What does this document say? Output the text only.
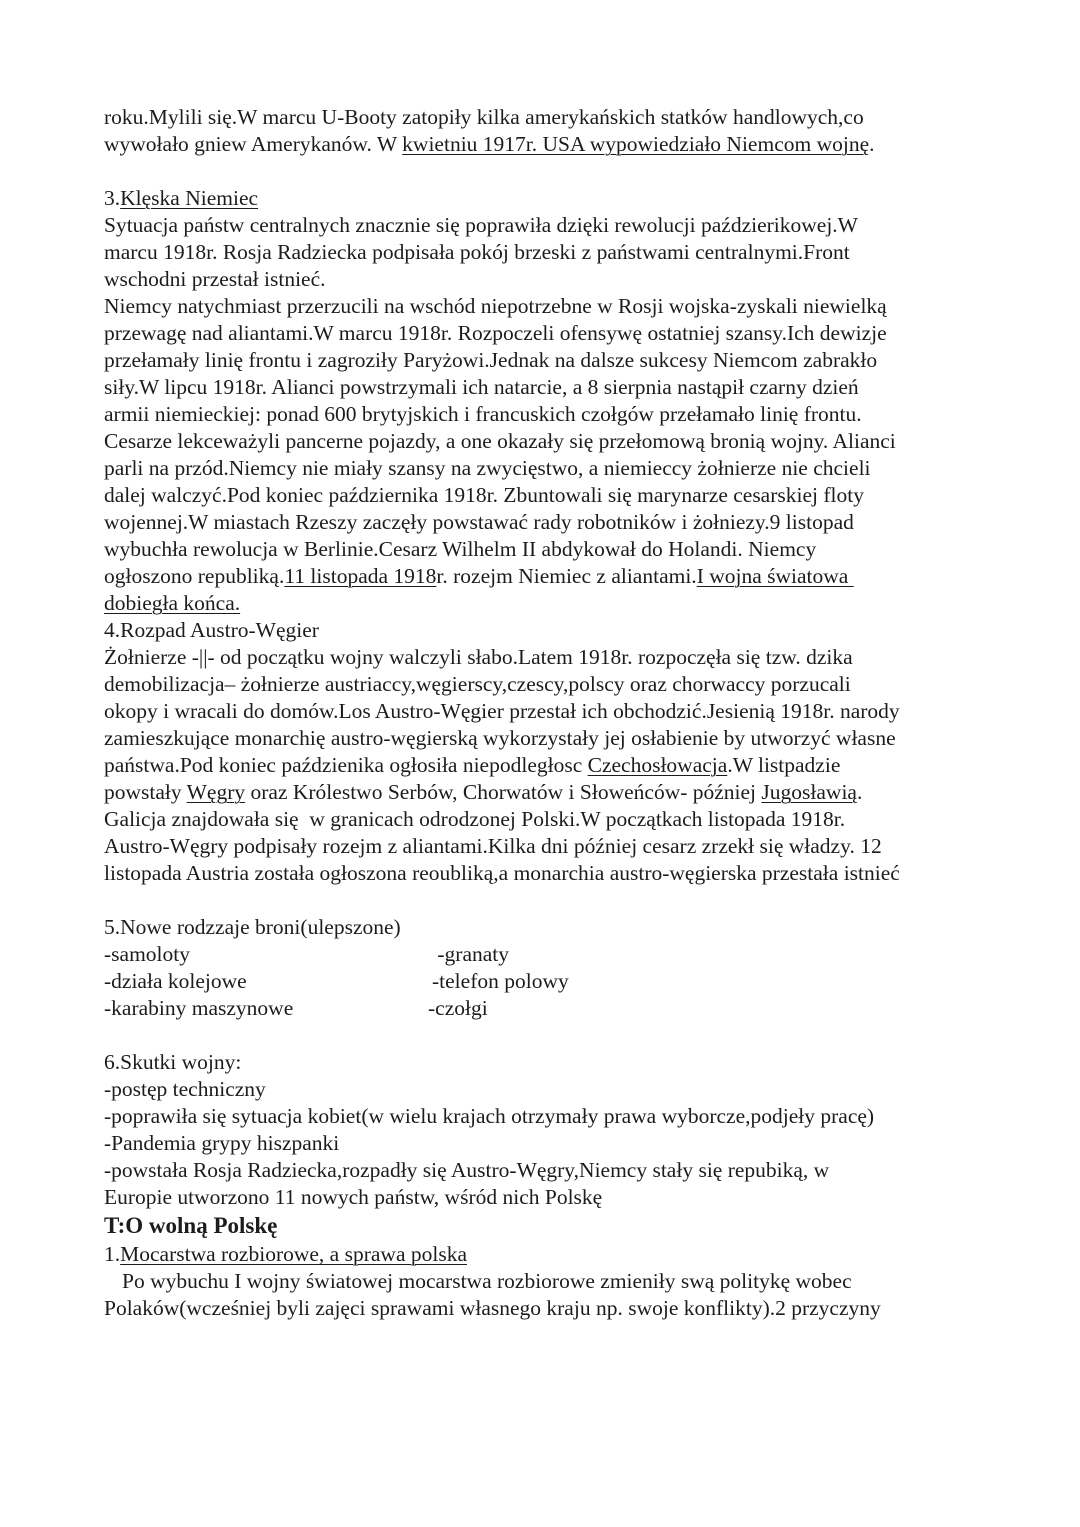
roku.Mylili się.W marcu U-Booty zatopiły kilka amerykańskich statków handlowych,co

wywołało gniew Amerykanów. W kwietniu 1917r. USA wypowiedziało Niemcom wojnę.

3.Klęska Niemiec

Sytuacja państw centralnych znacznie się poprawiła dzięki rewolucji paździerikowej.W

marcu 1918r. Rosja Radziecka podpisała pokój brzeski z państwami centralnymi.Front

wschodni przestał istnieć.

Niemcy natychmiast przerzucili na wschód niepotrzebne w Rosji wojska-zyskali niewielką

przewagę nad aliantami.W marcu 1918r. Rozpoczeli ofensywę ostatniej szansy.Ich dewizje

przełamały linię frontu i zagroziły Paryżowi.Jednak na dalsze sukcesy Niemcom zabrakło

siły.W lipcu 1918r. Alianci powstrzymali ich natarcie, a 8 sierpnia nastąpił czarny dzień

armii niemieckiej: ponad 600 brytyjskich i francuskich czołgów przełamało linię frontu.

Cesarze lekceważyli pancerne pojazdy, a one okazały się przełomową bronią wojny. Alianci

parli na przód.Niemcy nie miały szansy na zwycięstwo, a niemieccy żołnierze nie chcieli

dalej walczyć.Pod koniec października 1918r. Zbuntowali się marynarze cesarskiej floty

wojennej.W miastach Rzeszy zaczęły powstawać rady robotników i żołniezy.9 listopad

wybuchła rewolucja w Berlinie.Cesarz Wilhelm II abdykował do Holandi. Niemcy

ogłoszono republiką.11 listopada 1918r. rozejm Niemiec z aliantami.I wojna światowa

dobiegła końca.

4.Rozpad Austro-Węgier

Żołnierze -||- od początku wojny walczyli słabo.Latem 1918r. rozpoczęła się tzw. dzika

demobilizacja– żołnierze austriaccy,węgierscy,czescy,polscy oraz chorwaccy porzucali

okopy i wracali do domów.Los Austro-Węgier przestał ich obchodzić.Jesienią 1918r. narody

zamieszkujące monarchię austro-węgierską wykorzystały jej osłabienie by utworzyć własne

państwa.Pod koniec paździenika ogłosiła niepodległosc Czechosłowacja.W listpadzie

powstały Węgry oraz Królestwo Serbów, Chorwatów i Słoweńców- później Jugosławią.

Galicja znajdowała się  w granicach odrodzonej Polski.W początkach listopada 1918r.

Austro-Węgry podpisały rozejm z aliantami.Kilka dni później cesarz zrzekł się władzy. 12

listopada Austria została ogłoszona reoubliką,a monarchia austro-węgierska przestała istnieć

5.Nowe rodzzaje broni(ulepszone)

-samoloty	-granaty
-działa kolejowe	-telefon polowy
-karabiny maszynowe	-czołgi

6.Skutki wojny:

-postęp techniczny

-poprawiła się sytuacja kobiet(w wielu krajach otrzymały prawa wyborcze,podjeły pracę)

-Pandemia grypy hiszpanki

-powstała Rosja Radziecka,rozpadły się Austro-Węgry,Niemcy stały się repubiką, w

Europie utworzono 11 nowych państw, wśród nich Polskę

T:O wolną Polskę

1.Mocarstwa rozbiorowe, a sprawa polska

Po wybuchu I wojny światowej mocarstwa rozbiorowe zmieniły swą politykę wobec

Polaków(wcześniej byli zajęci sprawami własnego kraju np. swoje konflikty).2 przyczyny
